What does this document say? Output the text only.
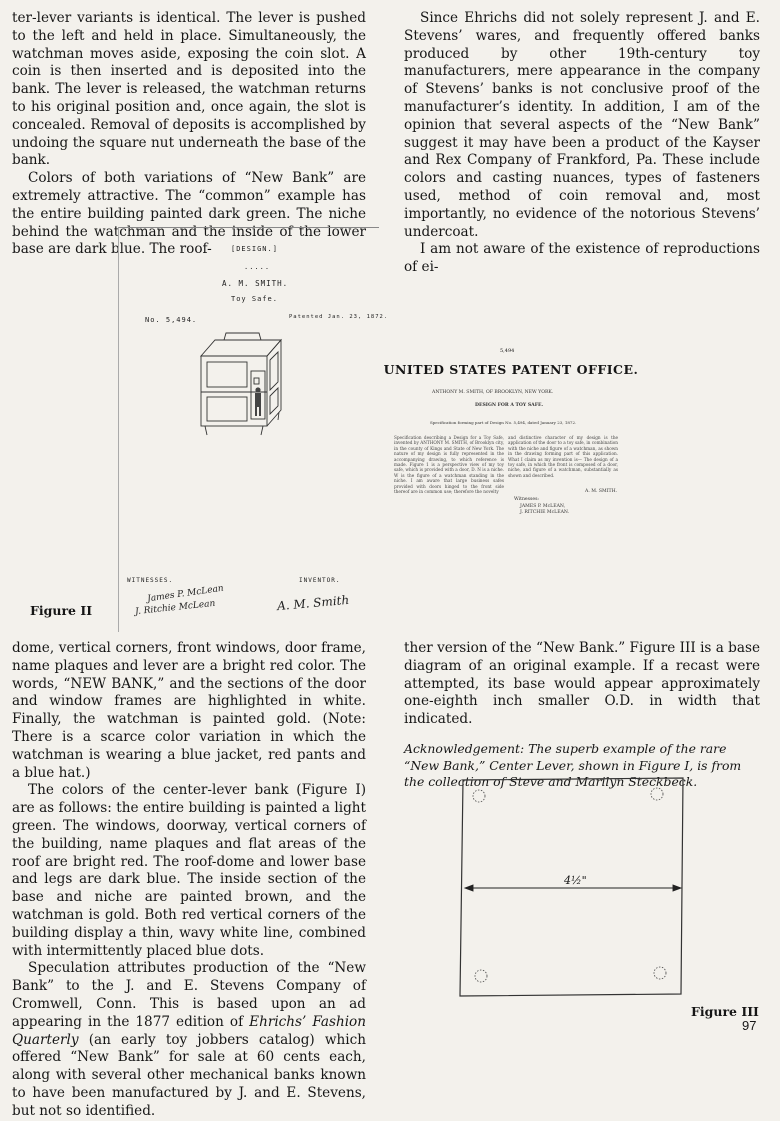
ter-lever variants is identical. The lever is pushed to the left and held in place. Simultaneously, the watchman moves aside, exposing the coin slot. A coin is then inserted and is deposited into the bank. The lever is released, the watchman returns to his original position and, once again, the slot is concealed. Removal of deposits is accomplished by undoing the square nut underneath the base of the bank.

Colors of both variations of “New Bank” are extremely attractive. The “common” example has the entire building painted dark green. The niche behind the watchman and the inside of the lower base are dark blue. The roof-

Since Ehrichs did not solely represent J. and E. Stevens’ wares, and frequently offered banks produced by other 19th-century toy manufacturers, mere appearance in the company of Stevens’ banks is not conclusive proof of the manufacturer’s identity. In addition, I am of the opinion that several aspects of the “New Bank” suggest it may have been a product of the Kayser and Rex Company of Frankford, Pa. These include colors and casting nuances, types of fasteners used, method of coin removal and, most importantly, no evidence of the notorious Stevens’ undercoat.

I am not aware of the existence of reproductions of ei-

[DESIGN.]
.....
A. M. SMITH.
Toy Safe.
No. 5,494.	Patented Jan. 23, 1872.
WITNESSES.	INVENTOR.
James P. McLean
J. Ritchie McLean	A. M. Smith
Figure II
5,494
UNITED STATES PATENT OFFICE.
ANTHONY M. SMITH, OF BROOKLYN, NEW YORK.
DESIGN FOR A TOY SAFE.
Specification forming part of Design No. 5,494, dated January 23, 1872.
Specification describing a Design for a Toy Safe, invented by ANTHONY M. SMITH, of Brooklyn city, in the county of Kings and State of New York. The nature of my design is fully represented in the accompanying drawing, to which reference is made. Figure 1 is a perspective view of my toy safe, which is provided with a door, D. N is a niche. W is the figure of a watchman standing in the niche. I am aware that large business safes provided with doors hinged to the front side thereof are in common use; therefore the novelty
and distinctive character of my design is the application of the door to a toy safe, in combination with the niche and figure of a watchman, as shown in the drawing forming part of this application. What I claim as my invention is— The design of a toy safe, in which the front is composed of a door, niche, and figure of a watchman, substantially as shown and described.
A. M. SMITH.
Witnesses:
JAMES P. McLEAN,
J. RITCHIE McLEAN.

dome, vertical corners, front windows, door frame, name plaques and lever are a bright red color. The words, “NEW BANK,” and the sections of the door and window frames are highlighted in white. Finally, the watchman is painted gold. (Note: There is a scarce color variation in which the watchman is wearing a blue jacket, red pants and a blue hat.)

The colors of the center-lever bank (Figure I) are as follows: the entire building is painted a light green. The windows, doorway, vertical corners of the building, name plaques and flat areas of the roof are bright red. The roof-dome and lower base and legs are dark blue. The inside section of the base and niche are painted brown, and the watchman is gold. Both red vertical corners of the building display a thin, wavy white line, combined with intermittently placed blue dots.

Speculation attributes production of the “New Bank” to the J. and E. Stevens Company of Cromwell, Conn. This is based upon an ad appearing in the 1877 edition of Ehrichs’ Fashion Quarterly (an early toy jobbers catalog) which offered “New Bank” for sale at 60 cents each, along with several other mechanical banks known to have been manufactured by J. and E. Stevens, but not so identified.

ther version of the “New Bank.” Figure III is a base diagram of an original example. If a recast were attempted, its base would appear approximately one-eighth inch smaller O.D. in width that indicated.

Acknowledgement: The superb example of the rare “New Bank,” Center Lever, shown in Figure I, is from the collection of Steve and Marilyn Steckbeck.

4½"
Figure III
97
